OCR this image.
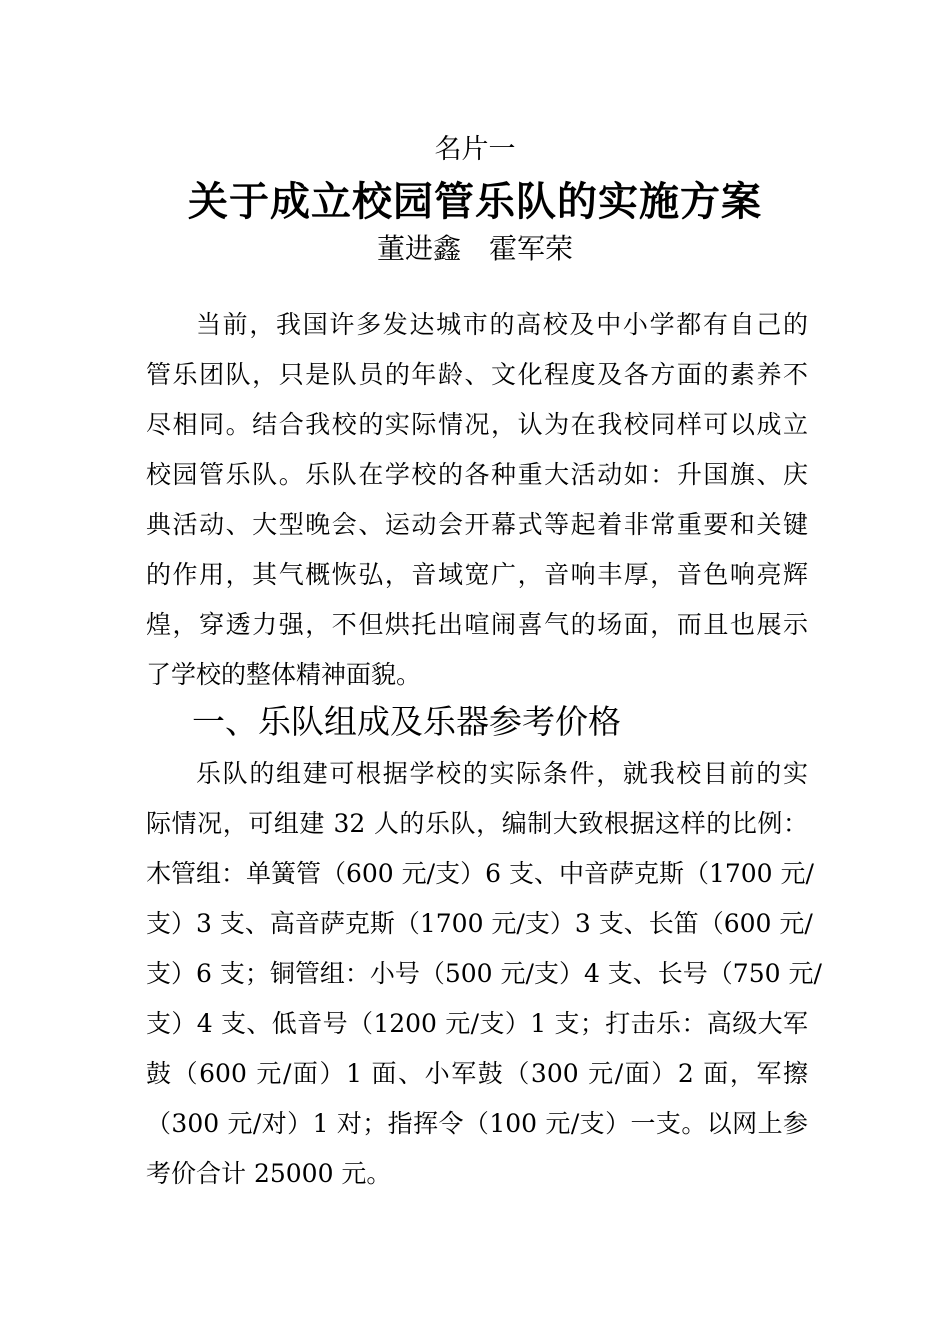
名片一
关于成立校园管乐队的实施方案
董进鑫　霍军荣
当前，我国许多发达城市的高校及中小学都有自己的
管乐团队，只是队员的年龄、文化程度及各方面的素养不
尽相同。结合我校的实际情况，认为在我校同样可以成立
校园管乐队。乐队在学校的各种重大活动如：升国旗、庆
典活动、大型晚会、运动会开幕式等起着非常重要和关键
的作用，其气概恢弘，音域宽广，音响丰厚，音色响亮辉
煌，穿透力强，不但烘托出喧闹喜气的场面，而且也展示
了学校的整体精神面貌。
一、乐队组成及乐器参考价格
乐队的组建可根据学校的实际条件，就我校目前的实
际情况，可组建 32 人的乐队，编制大致根据这样的比例：
木管组：单簧管（600 元/支）6 支、中音萨克斯（1700 元/
支）3 支、高音萨克斯（1700 元/支）3 支、长笛（600 元/
支）6 支；铜管组：小号（500 元/支）4 支、长号（750 元/
支）4 支、低音号（1200 元/支）1 支；打击乐：高级大军
鼓（600 元/面）1 面、小军鼓（300 元/面）2 面，军擦
（300 元/对）1 对；指挥令（100 元/支）一支。以网上参
考价合计 25000 元。
